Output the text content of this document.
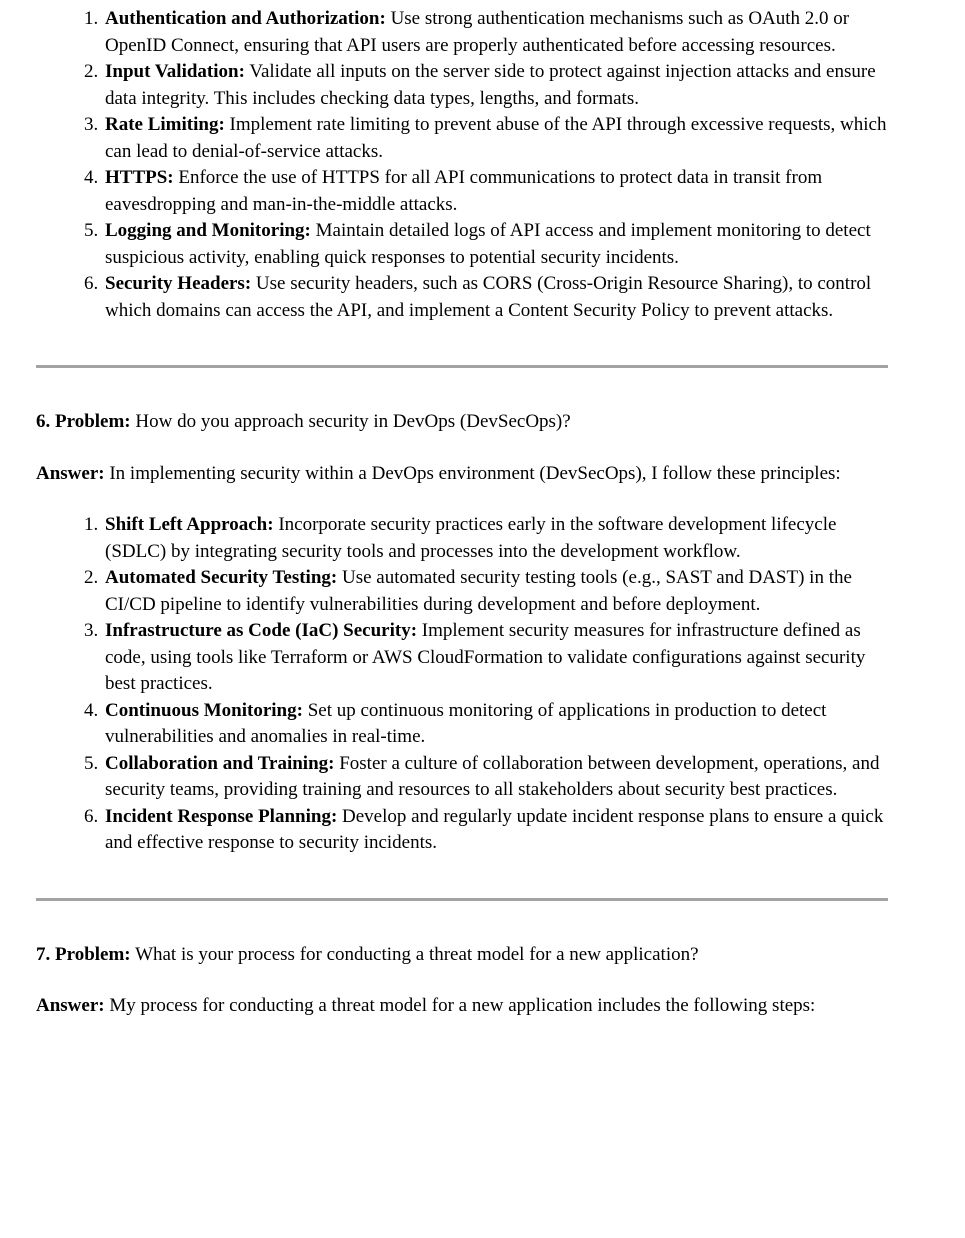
1. Authentication and Authorization: Use strong authentication mechanisms such as OAuth 2.0 or OpenID Connect, ensuring that API users are properly authenticated before accessing resources.
2. Input Validation: Validate all inputs on the server side to protect against injection attacks and ensure data integrity. This includes checking data types, lengths, and formats.
3. Rate Limiting: Implement rate limiting to prevent abuse of the API through excessive requests, which can lead to denial-of-service attacks.
4. HTTPS: Enforce the use of HTTPS for all API communications to protect data in transit from eavesdropping and man-in-the-middle attacks.
5. Logging and Monitoring: Maintain detailed logs of API access and implement monitoring to detect suspicious activity, enabling quick responses to potential security incidents.
6. Security Headers: Use security headers, such as CORS (Cross-Origin Resource Sharing), to control which domains can access the API, and implement a Content Security Policy to prevent attacks.

6. Problem: How do you approach security in DevOps (DevSecOps)?

Answer: In implementing security within a DevOps environment (DevSecOps), I follow these principles:

1. Shift Left Approach: Incorporate security practices early in the software development lifecycle (SDLC) by integrating security tools and processes into the development workflow.
2. Automated Security Testing: Use automated security testing tools (e.g., SAST and DAST) in the CI/CD pipeline to identify vulnerabilities during development and before deployment.
3. Infrastructure as Code (IaC) Security: Implement security measures for infrastructure defined as code, using tools like Terraform or AWS CloudFormation to validate configurations against security best practices.
4. Continuous Monitoring: Set up continuous monitoring of applications in production to detect vulnerabilities and anomalies in real-time.
5. Collaboration and Training: Foster a culture of collaboration between development, operations, and security teams, providing training and resources to all stakeholders about security best practices.
6. Incident Response Planning: Develop and regularly update incident response plans to ensure a quick and effective response to security incidents.

7. Problem: What is your process for conducting a threat model for a new application?

Answer: My process for conducting a threat model for a new application includes the following steps:
